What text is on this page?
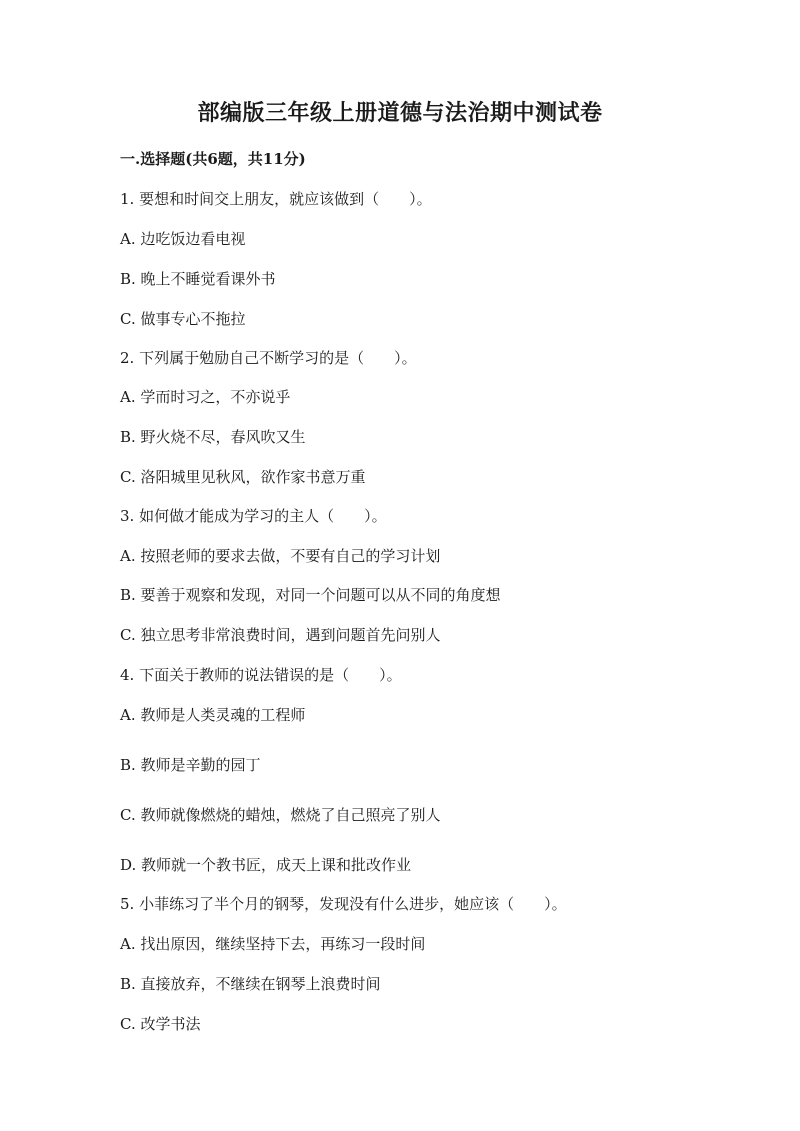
部编版三年级上册道德与法治期中测试卷
一.选择题(共6题，共11分)
1. 要想和时间交上朋友，就应该做到（　　）。
A. 边吃饭边看电视
B. 晚上不睡觉看课外书
C. 做事专心不拖拉
2. 下列属于勉励自己不断学习的是（　　）。
A. 学而时习之，不亦说乎
B. 野火烧不尽，春风吹又生
C. 洛阳城里见秋风，欲作家书意万重
3. 如何做才能成为学习的主人（　　）。
A. 按照老师的要求去做，不要有自己的学习计划
B. 要善于观察和发现，对同一个问题可以从不同的角度想
C. 独立思考非常浪费时间，遇到问题首先问别人
4. 下面关于教师的说法错误的是（　　）。
A. 教师是人类灵魂的工程师
B. 教师是辛勤的园丁
C. 教师就像燃烧的蜡烛，燃烧了自己照亮了别人
D. 教师就一个教书匠，成天上课和批改作业
5. 小菲练习了半个月的钢琴，发现没有什么进步，她应该（　　）。
A. 找出原因，继续坚持下去，再练习一段时间
B. 直接放弃，不继续在钢琴上浪费时间
C. 改学书法
